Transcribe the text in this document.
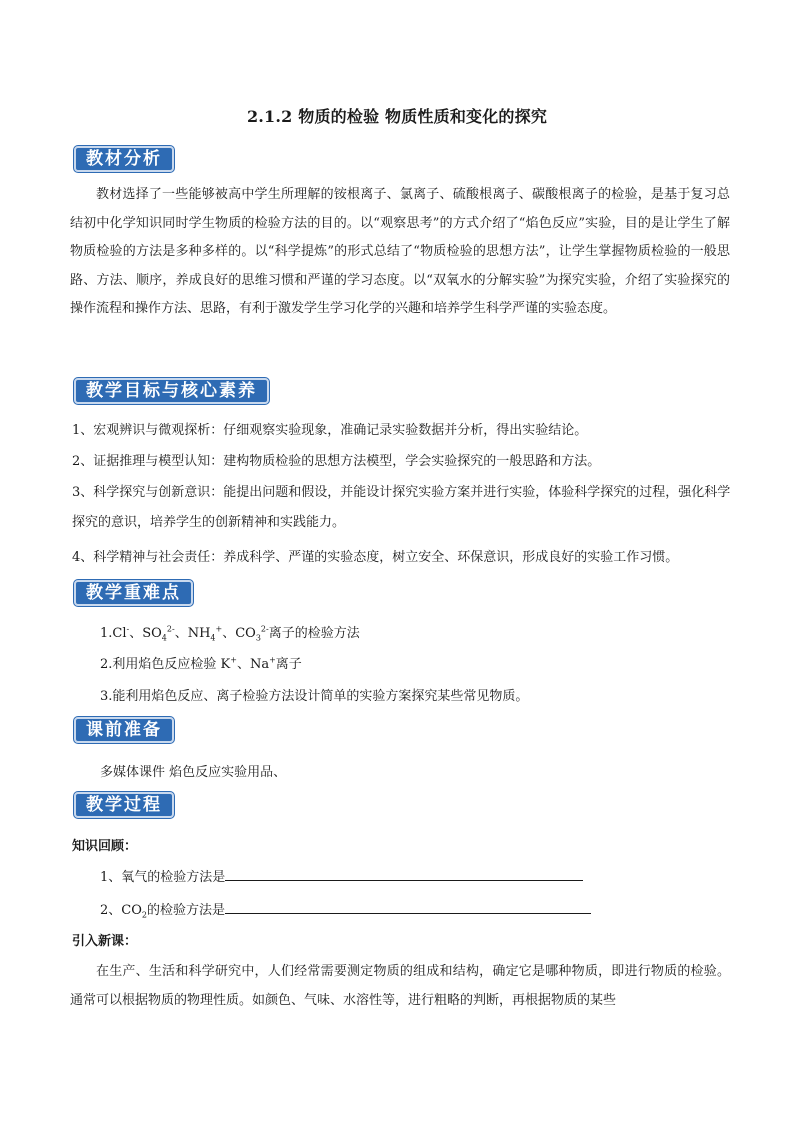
2.1.2 物质的检验 物质性质和变化的探究
教材分析
教材选择了一些能够被高中学生所理解的铵根离子、氯离子、硫酸根离子、碳酸根离子的检验，是基于复习总结初中化学知识同时学生物质的检验方法的目的。以“观察思考”的方式介绍了“焰色反应”实验，目的是让学生了解物质检验的方法是多种多样的。以“科学提炼”的形式总结了“物质检验的思想方法”，让学生掌握物质检验的一般思路、方法、顺序，养成良好的思维习惯和严谨的学习态度。以“双氧水的分解实验”为探究实验，介绍了实验探究的操作流程和操作方法、思路，有利于激发学生学习化学的兴趣和培养学生科学严谨的实验态度。
教学目标与核心素养
1、宏观辨识与微观探析：仔细观察实验现象，准确记录实验数据并分析，得出实验结论。
2、证据推理与模型认知：建构物质检验的思想方法模型，学会实验探究的一般思路和方法。
3、科学探究与创新意识：能提出问题和假设，并能设计探究实验方案并进行实验，体验科学探究的过程，强化科学探究的意识，培养学生的创新精神和实践能力。
4、科学精神与社会责任：养成科学、严谨的实验态度，树立安全、环保意识，形成良好的实验工作习惯。
教学重难点
1.Cl-、$SO_4^{2-}$、$NH_4^+$、$CO_3^{2-}$离子的检验方法
2.利用焰色反应检验 K+、Na+离子
3.能利用焰色反应、离子检验方法设计简单的实验方案探究某些常见物质。
课前准备
多媒体课件 焰色反应实验用品、
教学过程
知识回顾：
1、氧气的检验方法是
2、$CO_2$的检验方法是
引入新课：
在生产、生活和科学研究中，人们经常需要测定物质的组成和结构，确定它是哪种物质，即进行物质的检验。通常可以根据物质的物理性质。如颜色、气味、水溶性等，进行粗略的判断，再根据物质的某些
